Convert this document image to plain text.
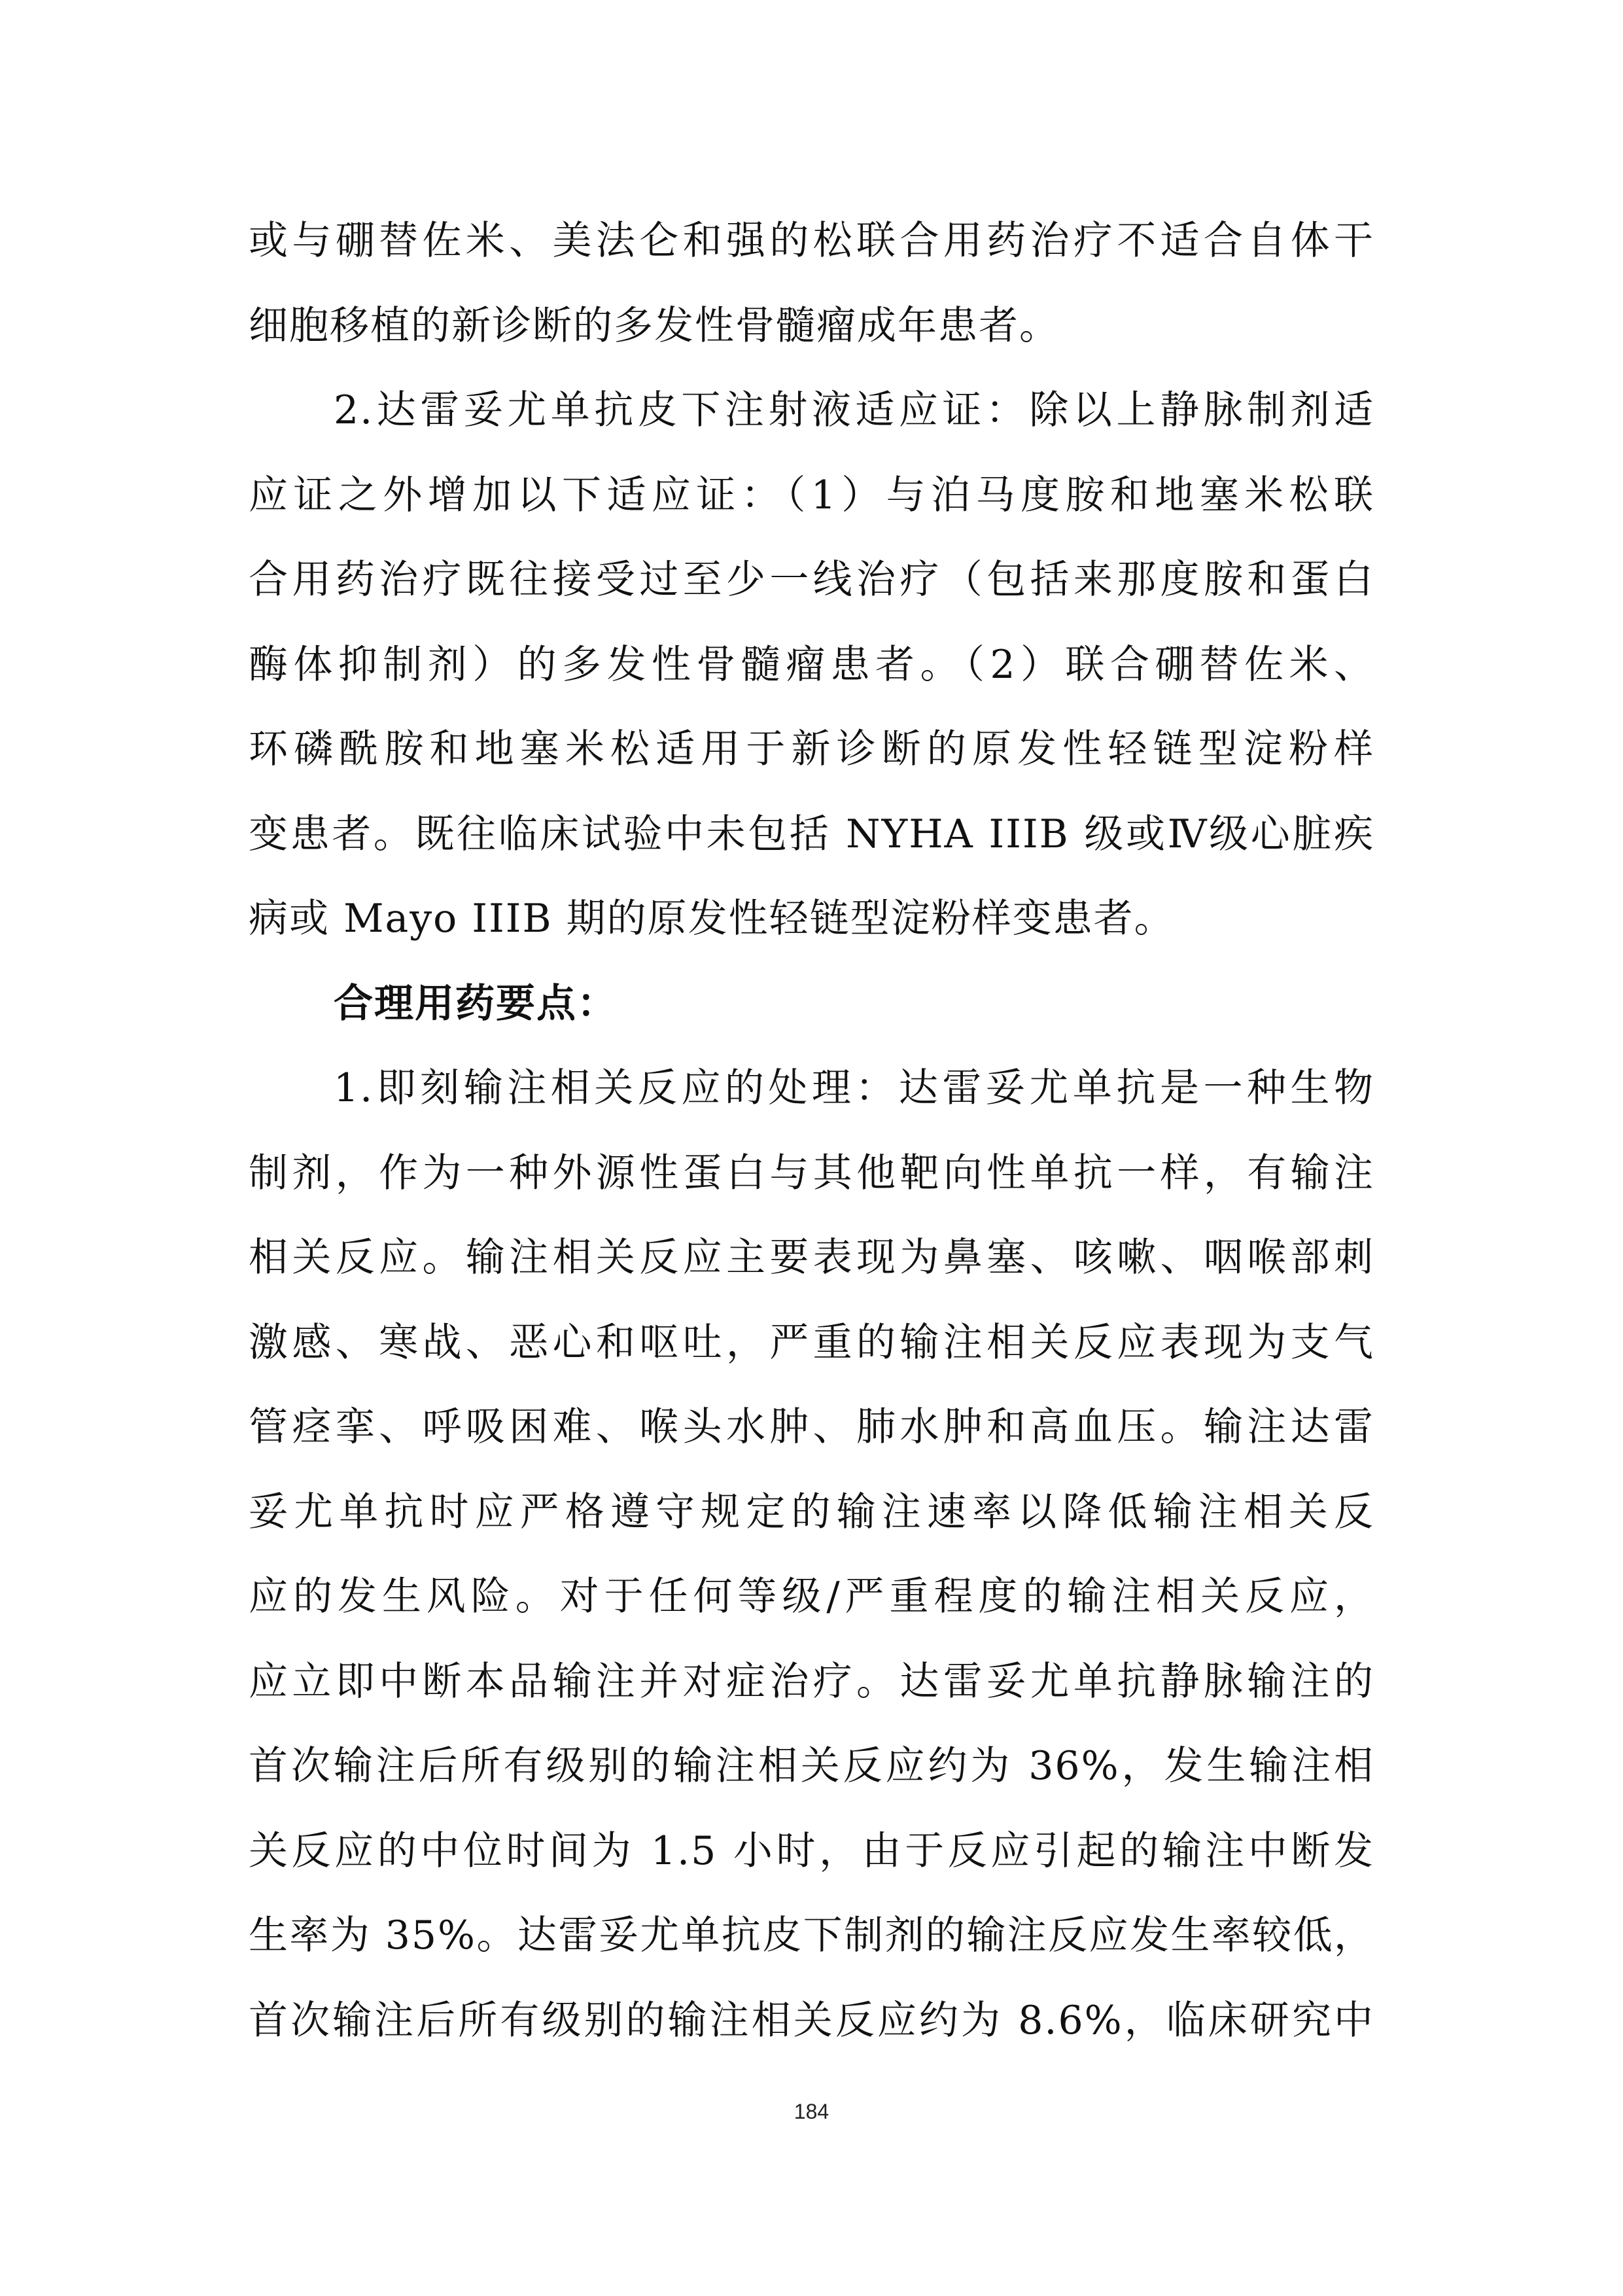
或与硼替佐米、美法仑和强的松联合用药治疗不适合自体干
细胞移植的新诊断的多发性骨髓瘤成年患者。
2.达雷妥尤单抗皮下注射液适应证：除以上静脉制剂适
应证之外增加以下适应证：（1）与泊马度胺和地塞米松联
合用药治疗既往接受过至少一线治疗（包括来那度胺和蛋白
酶体抑制剂）的多发性骨髓瘤患者。（2）联合硼替佐米、
环磷酰胺和地塞米松适用于新诊断的原发性轻链型淀粉样
变患者。既往临床试验中未包括 NYHA IIIB 级或Ⅳ级心脏疾
病或 Mayo IIIB 期的原发性轻链型淀粉样变患者。
合理用药要点：
1.即刻输注相关反应的处理：达雷妥尤单抗是一种生物
制剂，作为一种外源性蛋白与其他靶向性单抗一样，有输注
相关反应。输注相关反应主要表现为鼻塞、咳嗽、咽喉部刺
激感、寒战、恶心和呕吐，严重的输注相关反应表现为支气
管痉挛、呼吸困难、喉头水肿、肺水肿和高血压。输注达雷
妥尤单抗时应严格遵守规定的输注速率以降低输注相关反
应的发生风险。对于任何等级/严重程度的输注相关反应，
应立即中断本品输注并对症治疗。达雷妥尤单抗静脉输注的
首次输注后所有级别的输注相关反应约为 36%，发生输注相
关反应的中位时间为 1.5 小时，由于反应引起的输注中断发
生率为 35%。达雷妥尤单抗皮下制剂的输注反应发生率较低，
首次输注后所有级别的输注相关反应约为 8.6%，临床研究中
184
